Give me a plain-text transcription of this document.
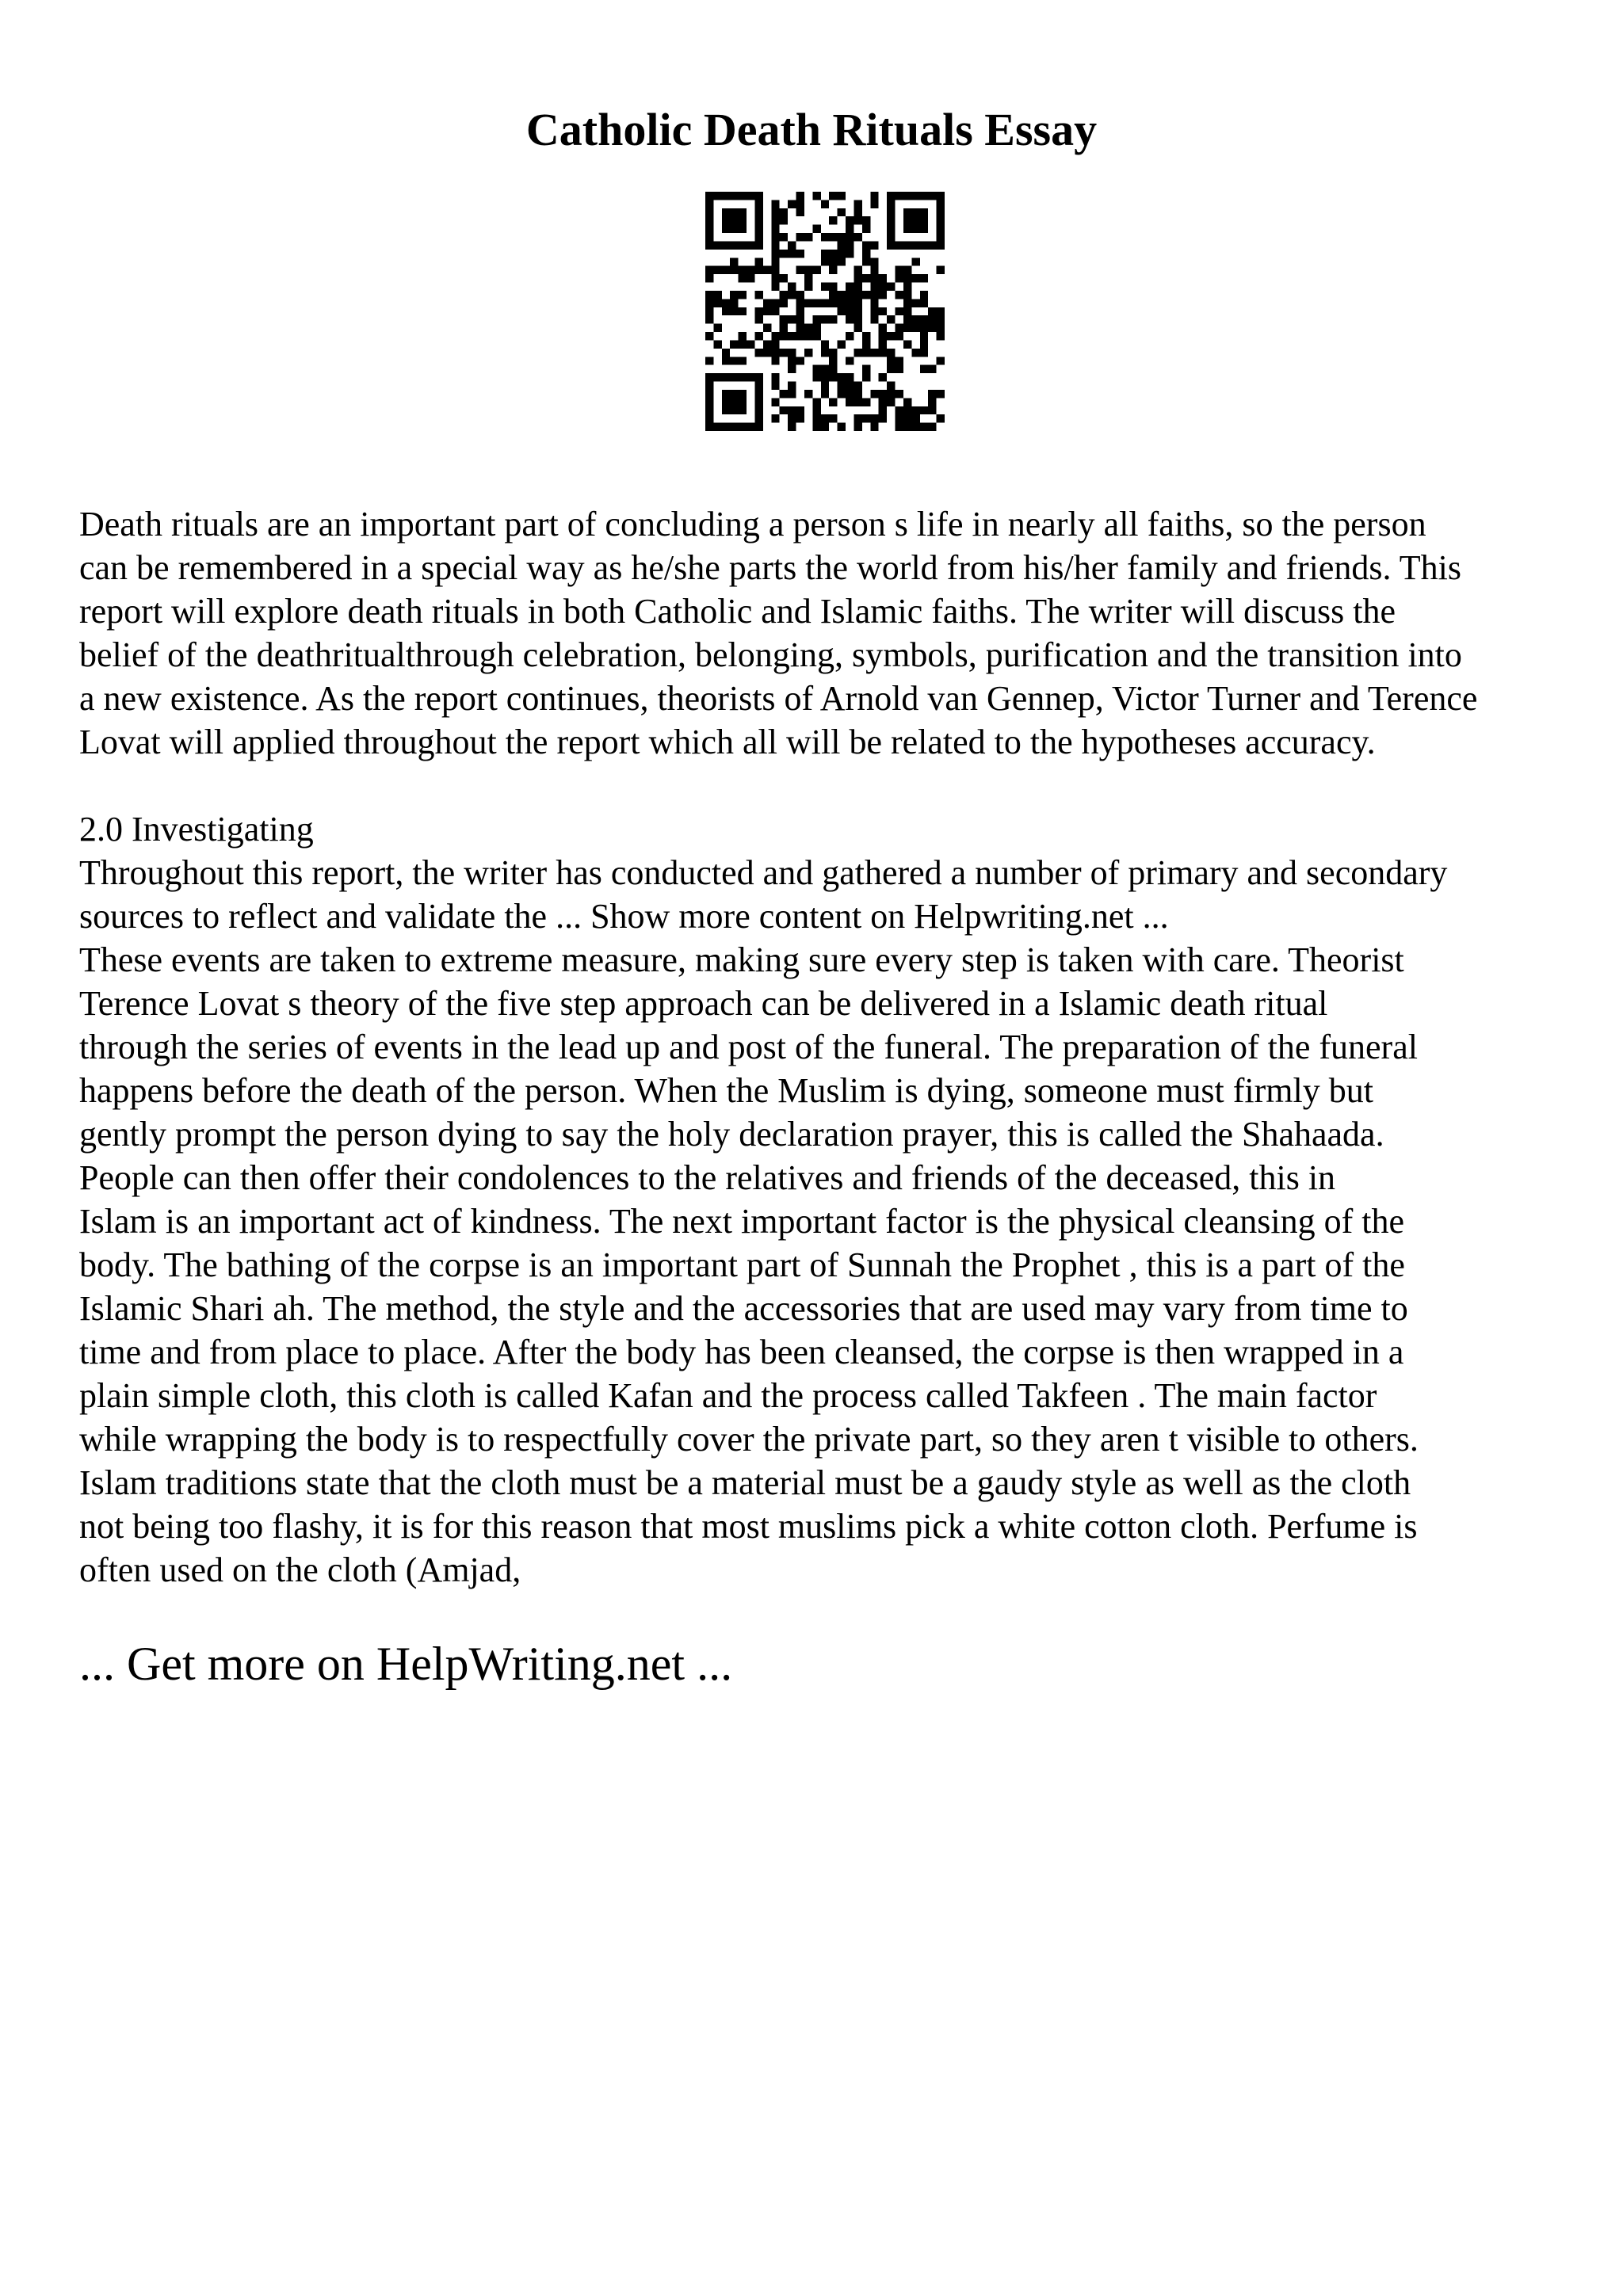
Catholic Death Rituals Essay
Death rituals are an important part of concluding a person s life in nearly all faiths, so the person
can be remembered in a special way as he/she parts the world from his/her family and friends. This
report will explore death rituals in both Catholic and Islamic faiths. The writer will discuss the
belief of the deathritualthrough celebration, belonging, symbols, purification and the transition into
a new existence. As the report continues, theorists of Arnold van Gennep, Victor Turner and Terence
Lovat will applied throughout the report which all will be related to the hypotheses accuracy.
2.0 Investigating
Throughout this report, the writer has conducted and gathered a number of primary and secondary
sources to reflect and validate the ... Show more content on Helpwriting.net ...
These events are taken to extreme measure, making sure every step is taken with care. Theorist
Terence Lovat s theory of the five step approach can be delivered in a Islamic death ritual
through the series of events in the lead up and post of the funeral. The preparation of the funeral
happens before the death of the person. When the Muslim is dying, someone must firmly but
gently prompt the person dying to say the holy declaration prayer, this is called the Shahaada.
People can then offer their condolences to the relatives and friends of the deceased, this in
Islam is an important act of kindness. The next important factor is the physical cleansing of the
body. The bathing of the corpse is an important part of Sunnah the Prophet , this is a part of the
Islamic Shari ah. The method, the style and the accessories that are used may vary from time to
time and from place to place. After the body has been cleansed, the corpse is then wrapped in a
plain simple cloth, this cloth is called Kafan and the process called Takfeen . The main factor
while wrapping the body is to respectfully cover the private part, so they aren t visible to others.
Islam traditions state that the cloth must be a material must be a gaudy style as well as the cloth
not being too flashy, it is for this reason that most muslims pick a white cotton cloth. Perfume is
often used on the cloth (Amjad,
... Get more on HelpWriting.net ...
